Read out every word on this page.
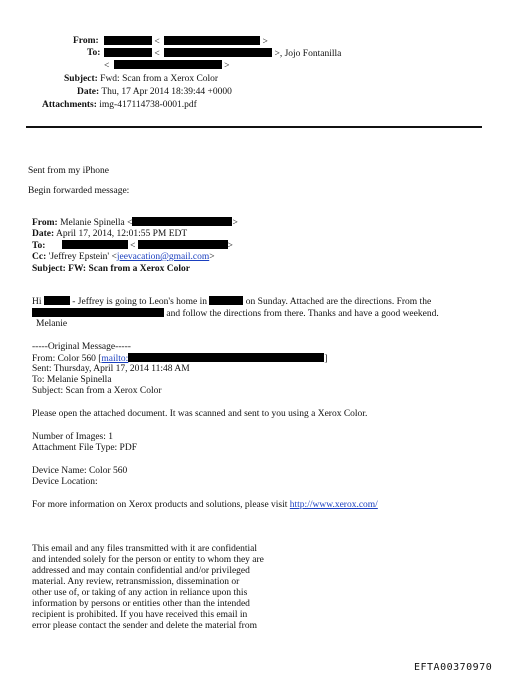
From:	<	>
To:	<	>, Jojo Fontanilla
<	>
Subject: Fwd: Scan from a Xerox Color
Date: Thu, 17 Apr 2014 18:39:44 +0000
Attachments: img-417114738-0001.pdf
Sent from my iPhone
Begin forwarded message:
From: Melanie Spinella <	>
Date: April 17, 2014, 12:01:55 PM EDT
To:	<	>
Cc: 'Jeffrey Epstein' <jeevacation@gmail.com>
Subject: FW: Scan from a Xerox Color
Hi	- Jeffrey is going to Leon's home in	on Sunday. Attached are the directions. From the
and follow the directions from there. Thanks and have a good weekend.
Melanie
-----Original Message-----
From: Color 560 [mailto:	]
Sent: Thursday, April 17, 2014 11:48 AM
To: Melanie Spinella
Subject: Scan from a Xerox Color
Please open the attached document. It was scanned and sent to you using a Xerox Color.
Number of Images: 1
Attachment File Type: PDF
Device Name: Color 560
Device Location:
For more information on Xerox products and solutions, please visit http://www.xerox.com/
This email and any files transmitted with it are confidential
and intended solely for the person or entity to whom they are
addressed and may contain confidential and/or privileged
material. Any review, retransmission, dissemination or
other use of, or taking of any action in reliance upon this
information by persons or entities other than the intended
recipient is prohibited. If you have received this email in
error please contact the sender and delete the material from
EFTA00370970
